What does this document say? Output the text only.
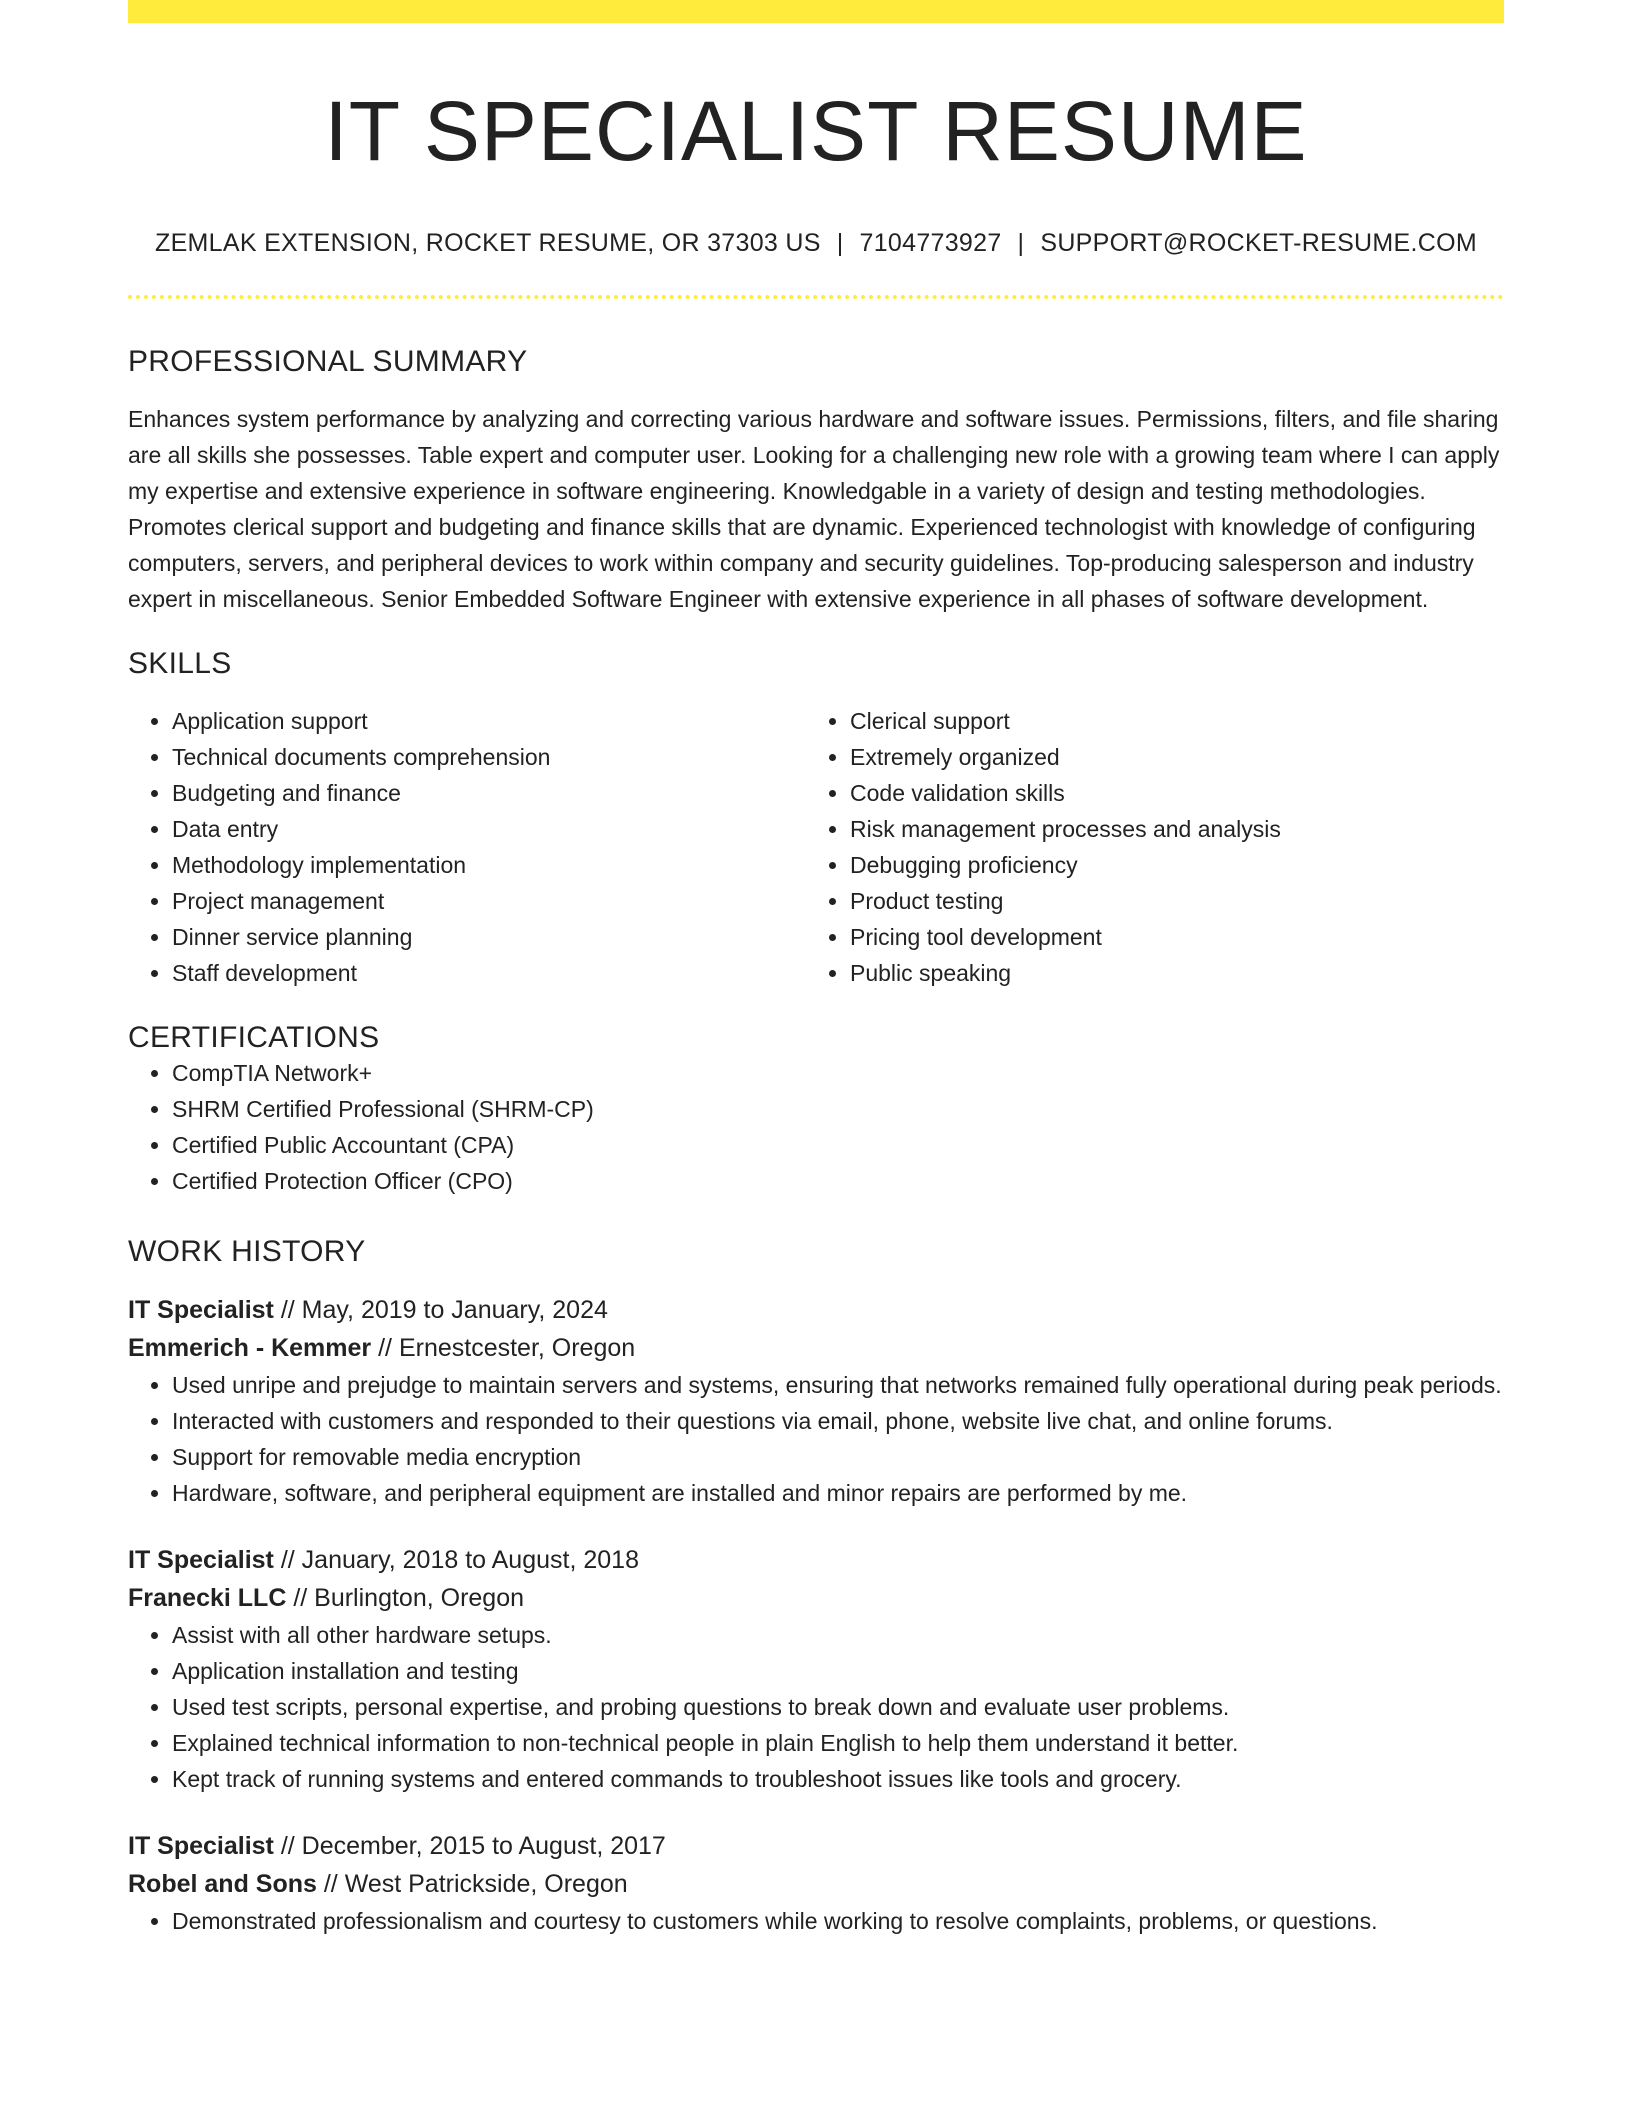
IT SPECIALIST RESUME
ZEMLAK EXTENSION, ROCKET RESUME, OR 37303 US | 7104773927 | SUPPORT@ROCKET-RESUME.COM
PROFESSIONAL SUMMARY

Enhances system performance by analyzing and correcting various hardware and software issues. Permissions, filters, and file sharing are all skills she possesses. Table expert and computer user. Looking for a challenging new role with a growing team where I can apply my expertise and extensive experience in software engineering. Knowledgable in a variety of design and testing methodologies. Promotes clerical support and budgeting and finance skills that are dynamic. Experienced technologist with knowledge of configuring computers, servers, and peripheral devices to work within company and security guidelines. Top-producing salesperson and industry expert in miscellaneous. Senior Embedded Software Engineer with extensive experience in all phases of software development.

SKILLS
• Application support
• Technical documents comprehension
• Budgeting and finance
• Data entry
• Methodology implementation
• Project management
• Dinner service planning
• Staff development
• Clerical support
• Extremely organized
• Code validation skills
• Risk management processes and analysis
• Debugging proficiency
• Product testing
• Pricing tool development
• Public speaking
CERTIFICATIONS
• CompTIA Network+
• SHRM Certified Professional (SHRM-CP)
• Certified Public Accountant (CPA)
• Certified Protection Officer (CPO)
WORK HISTORY
IT Specialist // May, 2019 to January, 2024
Emmerich - Kemmer // Ernestcester, Oregon
• Used unripe and prejudge to maintain servers and systems, ensuring that networks remained fully operational during peak periods.
• Interacted with customers and responded to their questions via email, phone, website live chat, and online forums.
• Support for removable media encryption
• Hardware, software, and peripheral equipment are installed and minor repairs are performed by me.
IT Specialist // January, 2018 to August, 2018
Franecki LLC // Burlington, Oregon
• Assist with all other hardware setups.
• Application installation and testing
• Used test scripts, personal expertise, and probing questions to break down and evaluate user problems.
• Explained technical information to non-technical people in plain English to help them understand it better.
• Kept track of running systems and entered commands to troubleshoot issues like tools and grocery.
IT Specialist // December, 2015 to August, 2017
Robel and Sons // West Patrickside, Oregon
• Demonstrated professionalism and courtesy to customers while working to resolve complaints, problems, or questions.
